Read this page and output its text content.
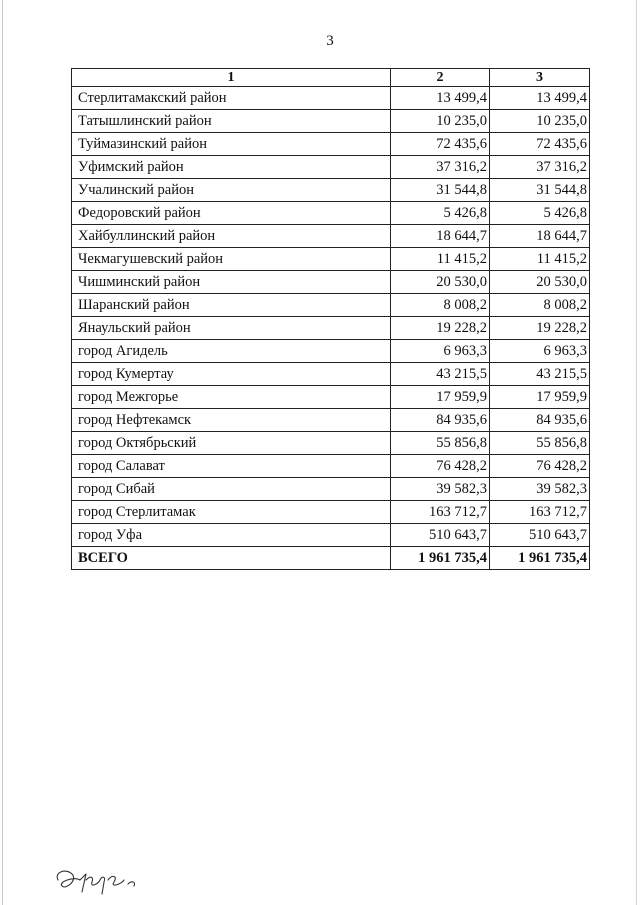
3
1	2	3
Стерлитамакский район	13 499,4	13 499,4
Татышлинский район	10 235,0	10 235,0
Туймазинский район	72 435,6	72 435,6
Уфимский район	37 316,2	37 316,2
Учалинский район	31 544,8	31 544,8
Федоровский район	5 426,8	5 426,8
Хайбуллинский район	18 644,7	18 644,7
Чекмагушевский район	11 415,2	11 415,2
Чишминский район	20 530,0	20 530,0
Шаранский район	8 008,2	8 008,2
Янаульский район	19 228,2	19 228,2
город Агидель	6 963,3	6 963,3
город Кумертау	43 215,5	43 215,5
город Межгорье	17 959,9	17 959,9
город Нефтекамск	84 935,6	84 935,6
город Октябрьский	55 856,8	55 856,8
город Салават	76 428,2	76 428,2
город Сибай	39 582,3	39 582,3
город Стерлитамак	163 712,7	163 712,7
город Уфа	510 643,7	510 643,7
ВСЕГО	1 961 735,4	1 961 735,4
